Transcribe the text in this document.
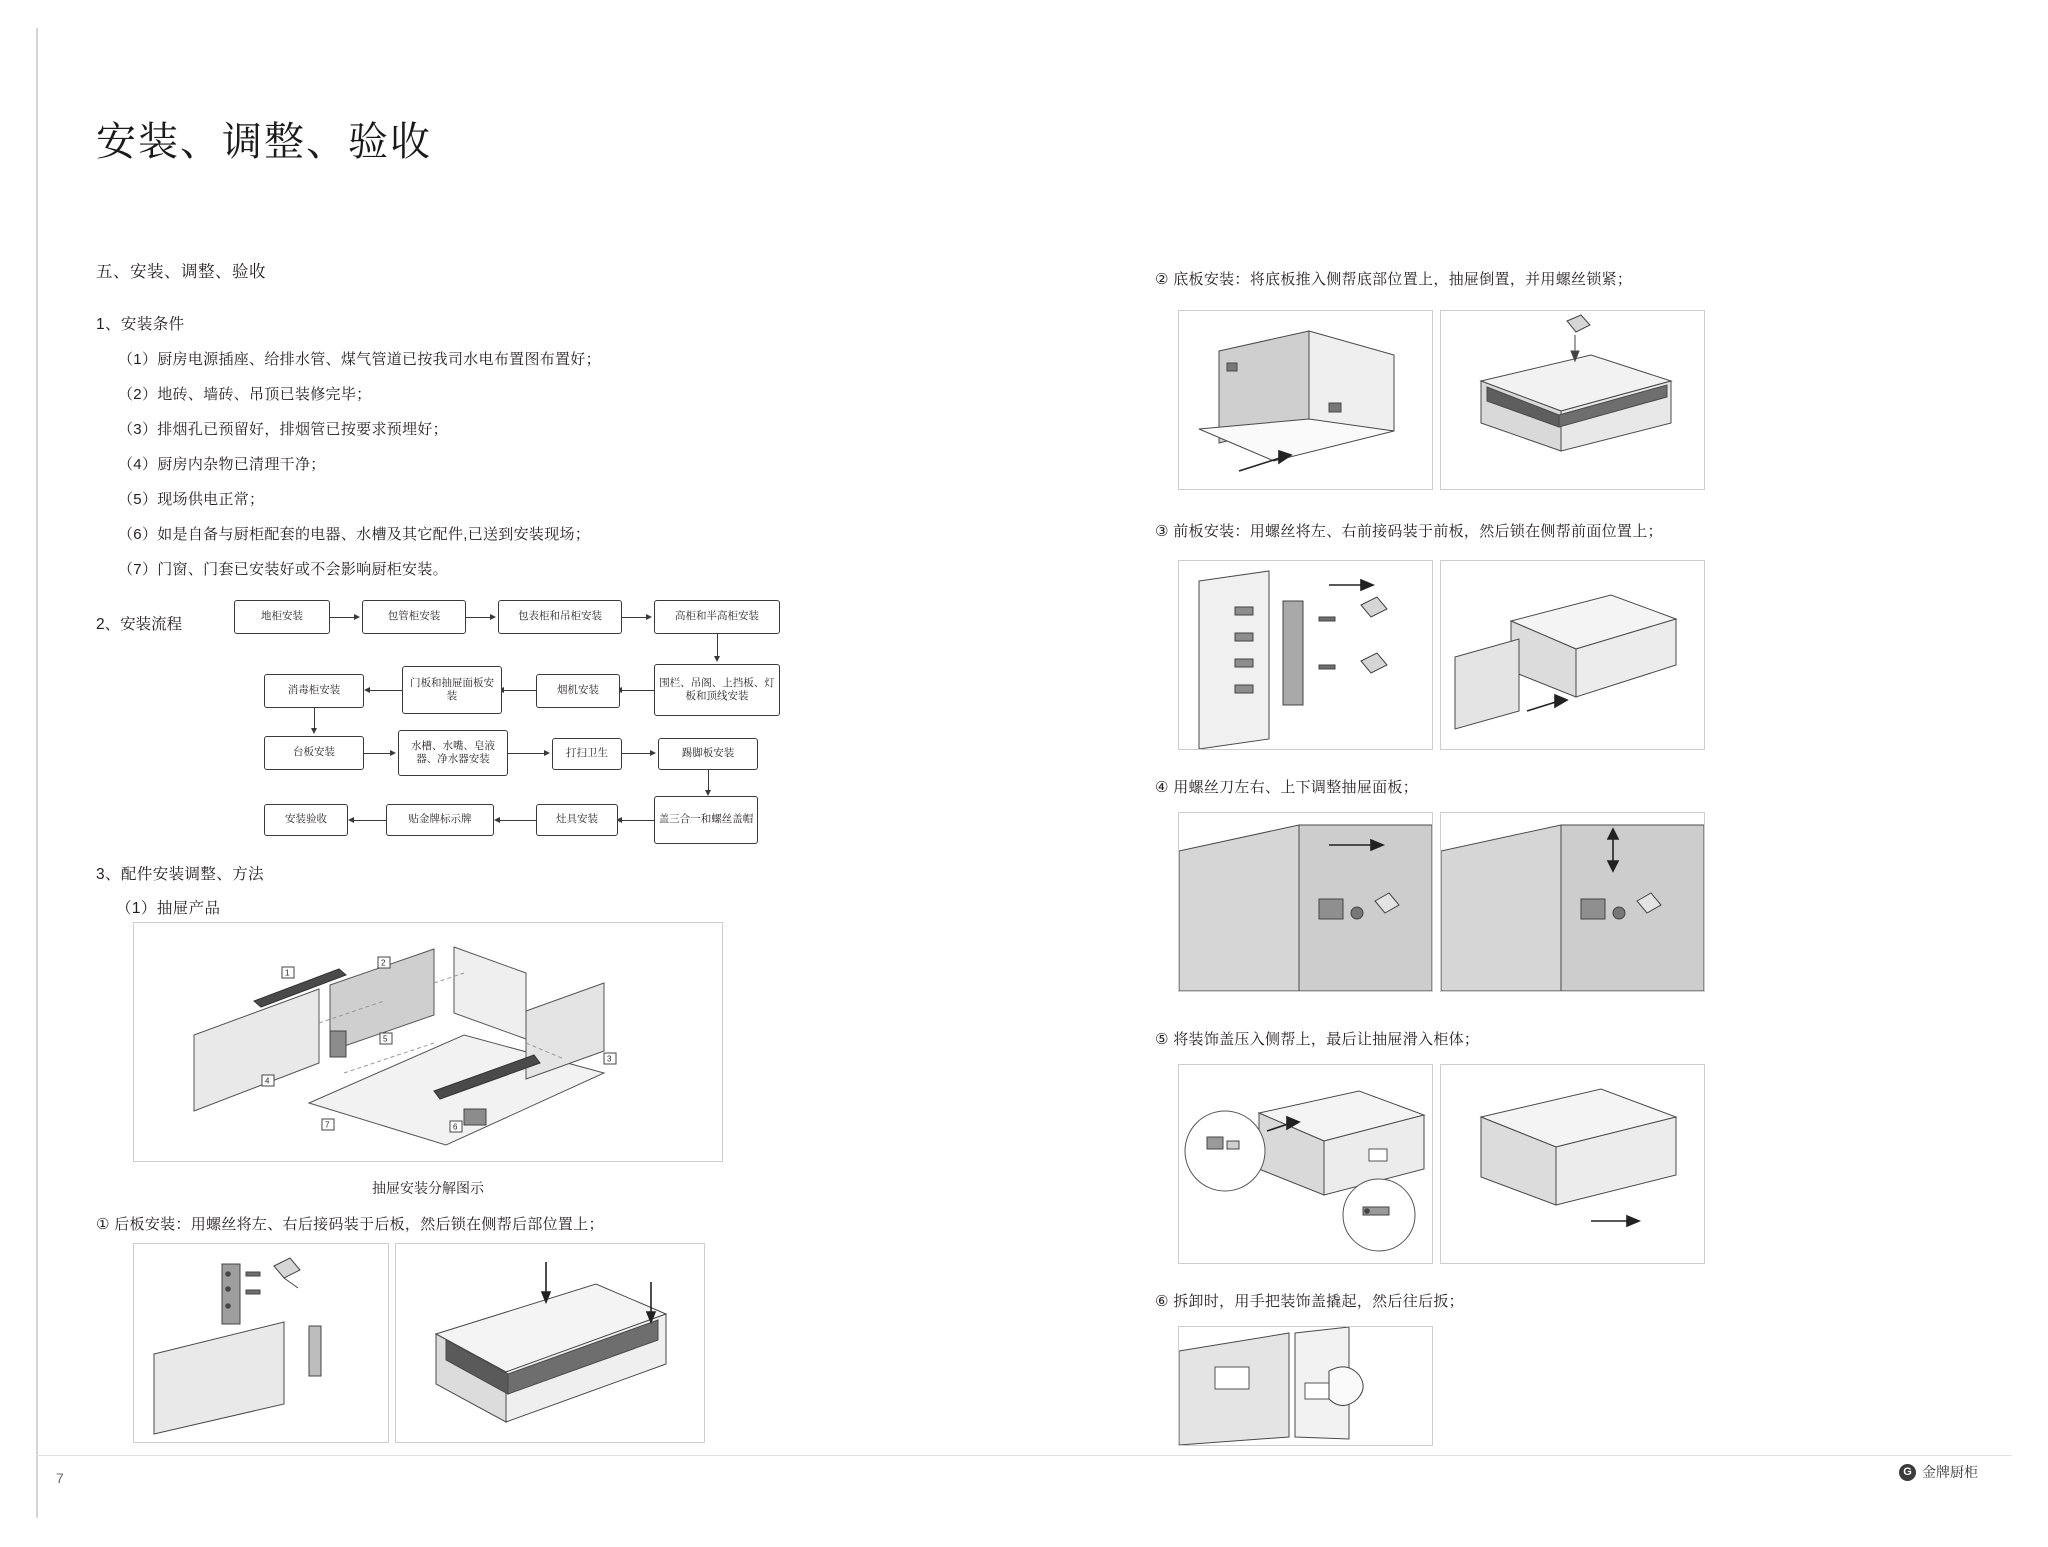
安装、调整、验收
五、安装、调整、验收
1、安装条件
（1）厨房电源插座、给排水管、煤气管道已按我司水电布置图布置好；
（2）地砖、墙砖、吊顶已装修完毕；
（3）排烟孔已预留好，排烟管已按要求预埋好；
（4）厨房内杂物已清理干净；
（5）现场供电正常；
（6）如是自备与厨柜配套的电器、水槽及其它配件,已送到安装现场；
（7）门窗、门套已安装好或不会影响厨柜安装。
2、安装流程	地柜安装	包管柜安装	包表柜和吊柜安装	高柜和半高柜安装
围栏、吊阁、上挡板、灯板和顶线安装
烟机安装
门板和抽屉面板安装
消毒柜安装
台板安装
水槽、水嘴、皂液器、净水器安装	打扫卫生	踢脚板安装
盖三合一和螺丝盖帽
灶具安装
贴金牌标示牌
安装验收
3、配件安装调整、方法
（1）抽屉产品
1
2
3
4
5
6
7
抽屉安装分解图示
① 后板安装：用螺丝将左、右后接码装于后板，然后锁在侧帮后部位置上；
② 底板安装：将底板推入侧帮底部位置上，抽屉倒置，并用螺丝锁紧；
③ 前板安装：用螺丝将左、右前接码装于前板，然后锁在侧帮前面位置上；
④ 用螺丝刀左右、上下调整抽屉面板；
⑤ 将装饰盖压入侧帮上，最后让抽屉滑入柜体；
⑥ 拆卸时，用手把装饰盖撬起，然后往后扳；
7	G 金牌厨柜
